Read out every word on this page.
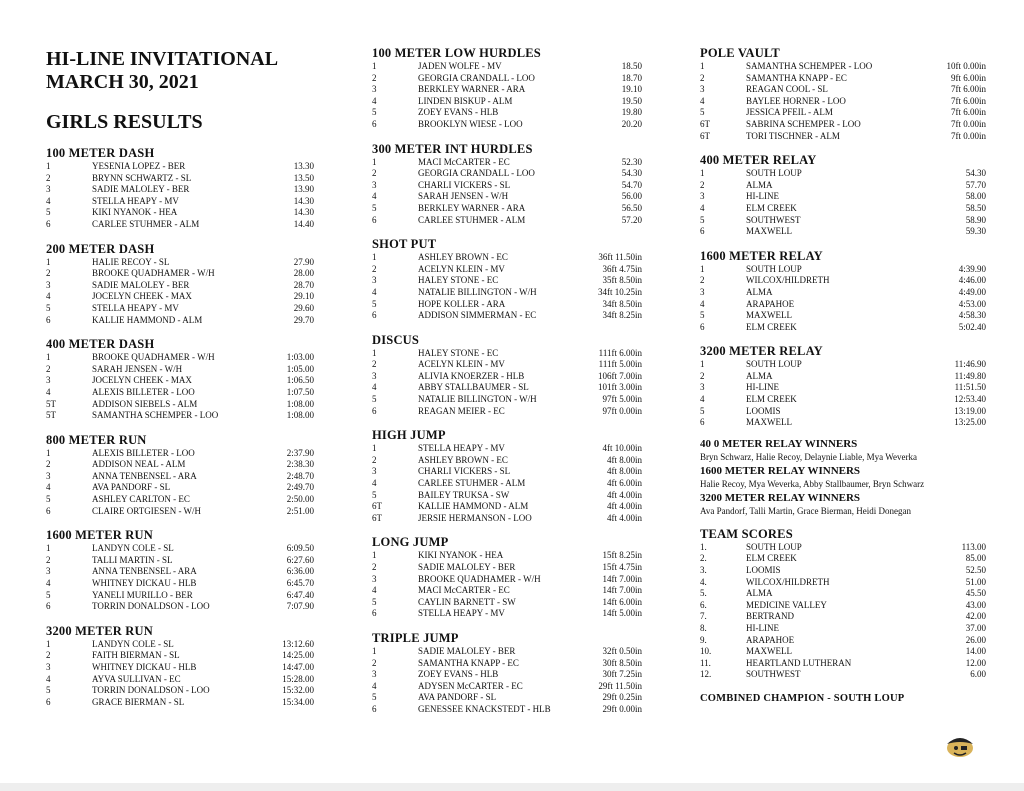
HI-LINE INVITATIONAL
MARCH 30, 2021
GIRLS RESULTS
100 METER DASH
1	YESENIA LOPEZ - BER	13.30
2	BRYNN SCHWARTZ - SL	13.50
3	SADIE MALOLEY - BER	13.90
4	STELLA HEAPY - MV	14.30
5	KIKI NYANOK - HEA	14.30
6	CARLEE STUHMER - ALM	14.40
200 METER DASH
1	HALIE RECOY - SL	27.90
2	BROOKE QUADHAMER - W/H	28.00
3	SADIE MALOLEY - BER	28.70
4	JOCELYN CHEEK - MAX	29.10
5	STELLA HEAPY - MV	29.60
6	KALLIE HAMMOND - ALM	29.70
400 METER DASH
1	BROOKE QUADHAMER - W/H	1:03.00
2	SARAH JENSEN - W/H	1:05.00
3	JOCELYN CHEEK - MAX	1:06.50
4	ALEXIS BILLETER - LOO	1:07.50
5T	ADDISON SIEBELS - ALM	1:08.00
5T	SAMANTHA SCHEMPER - LOO	1:08.00
800 METER RUN
1	ALEXIS BILLETER - LOO	2:37.90
2	ADDISON NEAL - ALM	2:38.30
3	ANNA TENBENSEL - ARA	2:48.70
4	AVA PANDORF - SL	2:49.70
5	ASHLEY CARLTON - EC	2:50.00
6	CLAIRE ORTGIESEN - W/H	2:51.00
1600 METER RUN
1	LANDYN COLE - SL	6:09.50
2	TALLI MARTIN - SL	6:27.60
3	ANNA TENBENSEL - ARA	6:36.00
4	WHITNEY DICKAU - HLB	6:45.70
5	YANELI MURILLO - BER	6:47.40
6	TORRIN DONALDSON - LOO	7:07.90
3200 METER RUN
1	LANDYN COLE - SL	13:12.60
2	FAITH BIERMAN - SL	14:25.00
3	WHITNEY DICKAU - HLB	14:47.00
4	AYVA SULLIVAN - EC	15:28.00
5	TORRIN DONALDSON - LOO	15:32.00
6	GRACE BIERMAN - SL	15:34.00
100 METER LOW HURDLES
1	JADEN WOLFE - MV	18.50
2	GEORGIA CRANDALL - LOO	18.70
3	BERKLEY WARNER - ARA	19.10
4	LINDEN BISKUP - ALM	19.50
5	ZOEY EVANS - HLB	19.80
6	BROOKLYN WIESE - LOO	20.20
300 METER INT HURDLES
1	MACI McCARTER - EC	52.30
2	GEORGIA CRANDALL - LOO	54.30
3	CHARLI VICKERS - SL	54.70
4	SARAH JENSEN - W/H	56.00
5	BERKLEY WARNER - ARA	56.50
6	CARLEE STUHMER - ALM	57.20
SHOT PUT
1	ASHLEY BROWN - EC	36ft 11.50in
2	ACELYN KLEIN - MV	36ft 4.75in
3	HALEY STONE - EC	35ft 8.50in
4	NATALIE BILLINGTON - W/H	34ft 10.25in
5	HOPE KOLLER - ARA	34ft 8.50in
6	ADDISON SIMMERMAN - EC	34ft 8.25in
DISCUS
1	HALEY STONE - EC	111ft 6.00in
2	ACELYN KLEIN - MV	111ft 5.00in
3	ALIVIA KNOERZER - HLB	106ft 7.00in
4	ABBY STALLBAUMER - SL	101ft 3.00in
5	NATALIE BILLINGTON - W/H	97ft 5.00in
6	REAGAN MEIER - EC	97ft 0.00in
HIGH JUMP
1	STELLA HEAPY - MV	4ft 10.00in
2	ASHLEY BROWN - EC	4ft 8.00in
3	CHARLI VICKERS - SL	4ft 8.00in
4	CARLEE STUHMER - ALM	4ft 6.00in
5	BAILEY TRUKSA - SW	4ft 4.00in
6T	KALLIE HAMMOND - ALM	4ft 4.00in
6T	JERSIE HERMANSON - LOO	4ft 4.00in
LONG JUMP
1	KIKI NYANOK - HEA	15ft 8.25in
2	SADIE MALOLEY - BER	15ft 4.75in
3	BROOKE QUADHAMER - W/H	14ft 7.00in
4	MACI McCARTER - EC	14ft 7.00in
5	CAYLIN BARNETT - SW	14ft 6.00in
6	STELLA HEAPY - MV	14ft 5.00in
TRIPLE JUMP
1	SADIE MALOLEY - BER	32ft 0.50in
2	SAMANTHA KNAPP - EC	30ft 8.50in
3	ZOEY EVANS - HLB	30ft 7.25in
4	ADYSEN McCARTER - EC	29ft 11.50in
5	AVA PANDORF - SL	29ft 0.25in
6	GENESSEE KNACKSTEDT - HLB	29ft 0.00in
POLE VAULT
1	SAMANTHA SCHEMPER - LOO	10ft 0.00in
2	SAMANTHA KNAPP - EC	9ft 6.00in
3	REAGAN COOL - SL	7ft 6.00in
4	BAYLEE HORNER - LOO	7ft 6.00in
5	JESSICA PFEIL - ALM	7ft 6.00in
6T	SABRINA SCHEMPER - LOO	7ft 0.00in
6T	TORI TISCHNER - ALM	7ft 0.00in
400 METER RELAY
1	SOUTH LOUP	54.30
2	ALMA	57.70
3	HI-LINE	58.00
4	ELM CREEK	58.50
5	SOUTHWEST	58.90
6	MAXWELL	59.30
1600 METER RELAY
1	SOUTH LOUP	4:39.90
2	WILCOX/HILDRETH	4:46.00
3	ALMA	4:49.00
4	ARAPAHOE	4:53.00
5	MAXWELL	4:58.30
6	ELM CREEK	5:02.40
3200 METER RELAY
1	SOUTH LOUP	11:46.90
2	ALMA	11:49.80
3	HI-LINE	11:51.50
4	ELM CREEK	12:53.40
5	LOOMIS	13:19.00
6	MAXWELL	13:25.00
40 0 METER RELAY WINNERS
Bryn Schwarz, Halie Recoy, Delaynie Liable, Mya Weverka
1600 METER RELAY WINNERS
Halie Recoy, Mya Weverka, Abby Stallbaumer, Bryn Schwarz
3200 METER RELAY WINNERS
Ava Pandorf, Talli Martin, Grace Bierman, Heidi Donegan
TEAM SCORES
1.	SOUTH LOUP	113.00
2.	ELM CREEK	85.00
3.	LOOMIS	52.50
4.	WILCOX/HILDRETH	51.00
5.	ALMA	45.50
6.	MEDICINE VALLEY	43.00
7.	BERTRAND	42.00
8.	HI-LINE	37.00
9.	ARAPAHOE	26.00
10.	MAXWELL	14.00
11.	HEARTLAND LUTHERAN	12.00
12.	SOUTHWEST	6.00
COMBINED CHAMPION - SOUTH LOUP
